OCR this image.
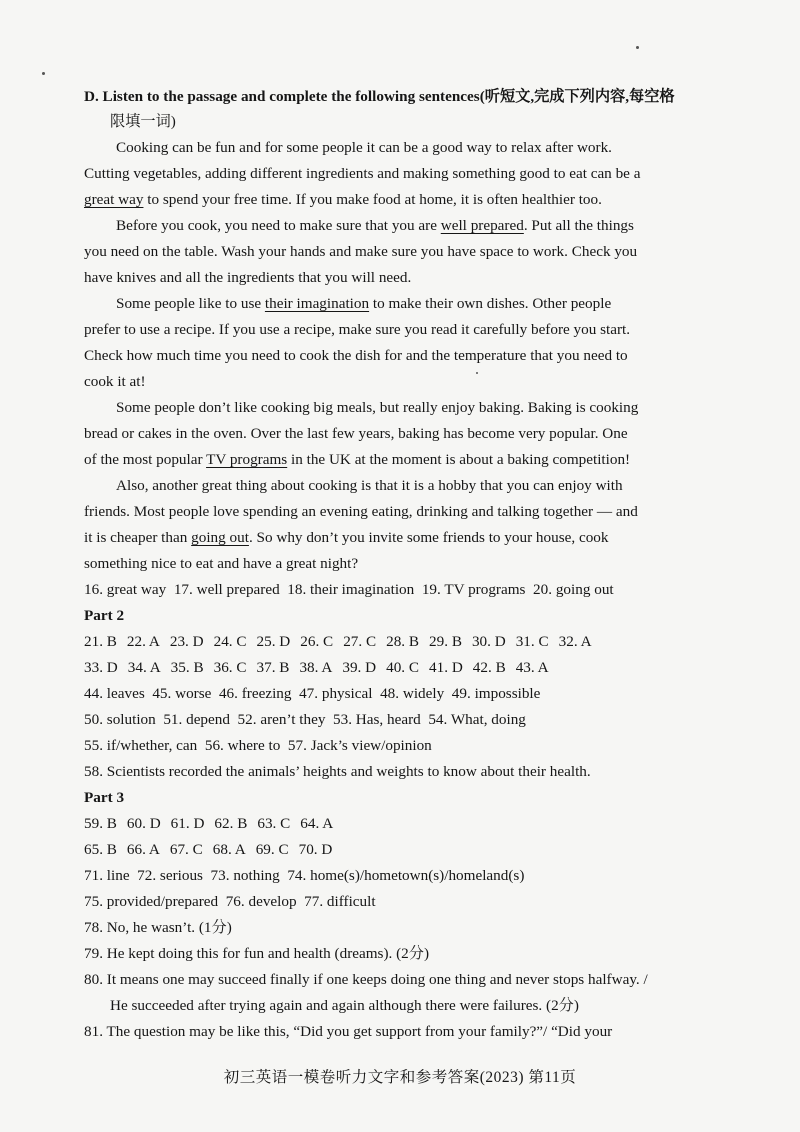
D. Listen to the passage and complete the following sentences(听短文,完成下列内容,每空格
限填一词)
Cooking can be fun and for some people it can be a good way to relax after work.
Cutting vegetables, adding different ingredients and making something good to eat can be a
great way to spend your free time. If you make food at home, it is often healthier too.
Before you cook, you need to make sure that you are well prepared. Put all the things
you need on the table. Wash your hands and make sure you have space to work. Check you
have knives and all the ingredients that you will need.
Some people like to use their imagination to make their own dishes. Other people
prefer to use a recipe. If you use a recipe, make sure you read it carefully before you start.
Check how much time you need to cook the dish for and the temperature that you need to
cook it at!
Some people don’t like cooking big meals, but really enjoy baking. Baking is cooking
bread or cakes in the oven. Over the last few years, baking has become very popular. One
of the most popular TV programs in the UK at the moment is about a baking competition!
Also, another great thing about cooking is that it is a hobby that you can enjoy with
friends. Most people love spending an evening eating, drinking and talking together — and
it is cheaper than going out. So why don’t you invite some friends to your house, cook
something nice to eat and have a great night?
16. great way  17. well prepared  18. their imagination  19. TV programs  20. going out
Part 2
21. B 22. A 23. D 24. C 25. D 26. C 27. C 28. B 29. B 30. D 31. C 32. A
33. D 34. A 35. B 36. C 37. B 38. A 39. D 40. C 41. D 42. B 43. A
44. leaves  45. worse  46. freezing  47. physical  48. widely  49. impossible
50. solution  51. depend  52. aren’t they  53. Has, heard  54. What, doing
55. if/whether, can  56. where to  57. Jack’s view/opinion
58. Scientists recorded the animals’ heights and weights to know about their health.
Part 3
59. B 60. D 61. D 62. B 63. C 64. A
65. B 66. A 67. C 68. A 69. C 70. D
71. line  72. serious  73. nothing  74. home(s)/hometown(s)/homeland(s)
75. provided/prepared  76. develop  77. difficult
78. No, he wasn’t. (1分)
79. He kept doing this for fun and health (dreams). (2分)
80. It means one may succeed finally if one keeps doing one thing and never stops halfway. /
He succeeded after trying again and again although there were failures. (2分)
81. The question may be like this, “Did you get support from your family?”/ “Did your
初三英语一模卷听力文字和参考答案(2023) 第11页
